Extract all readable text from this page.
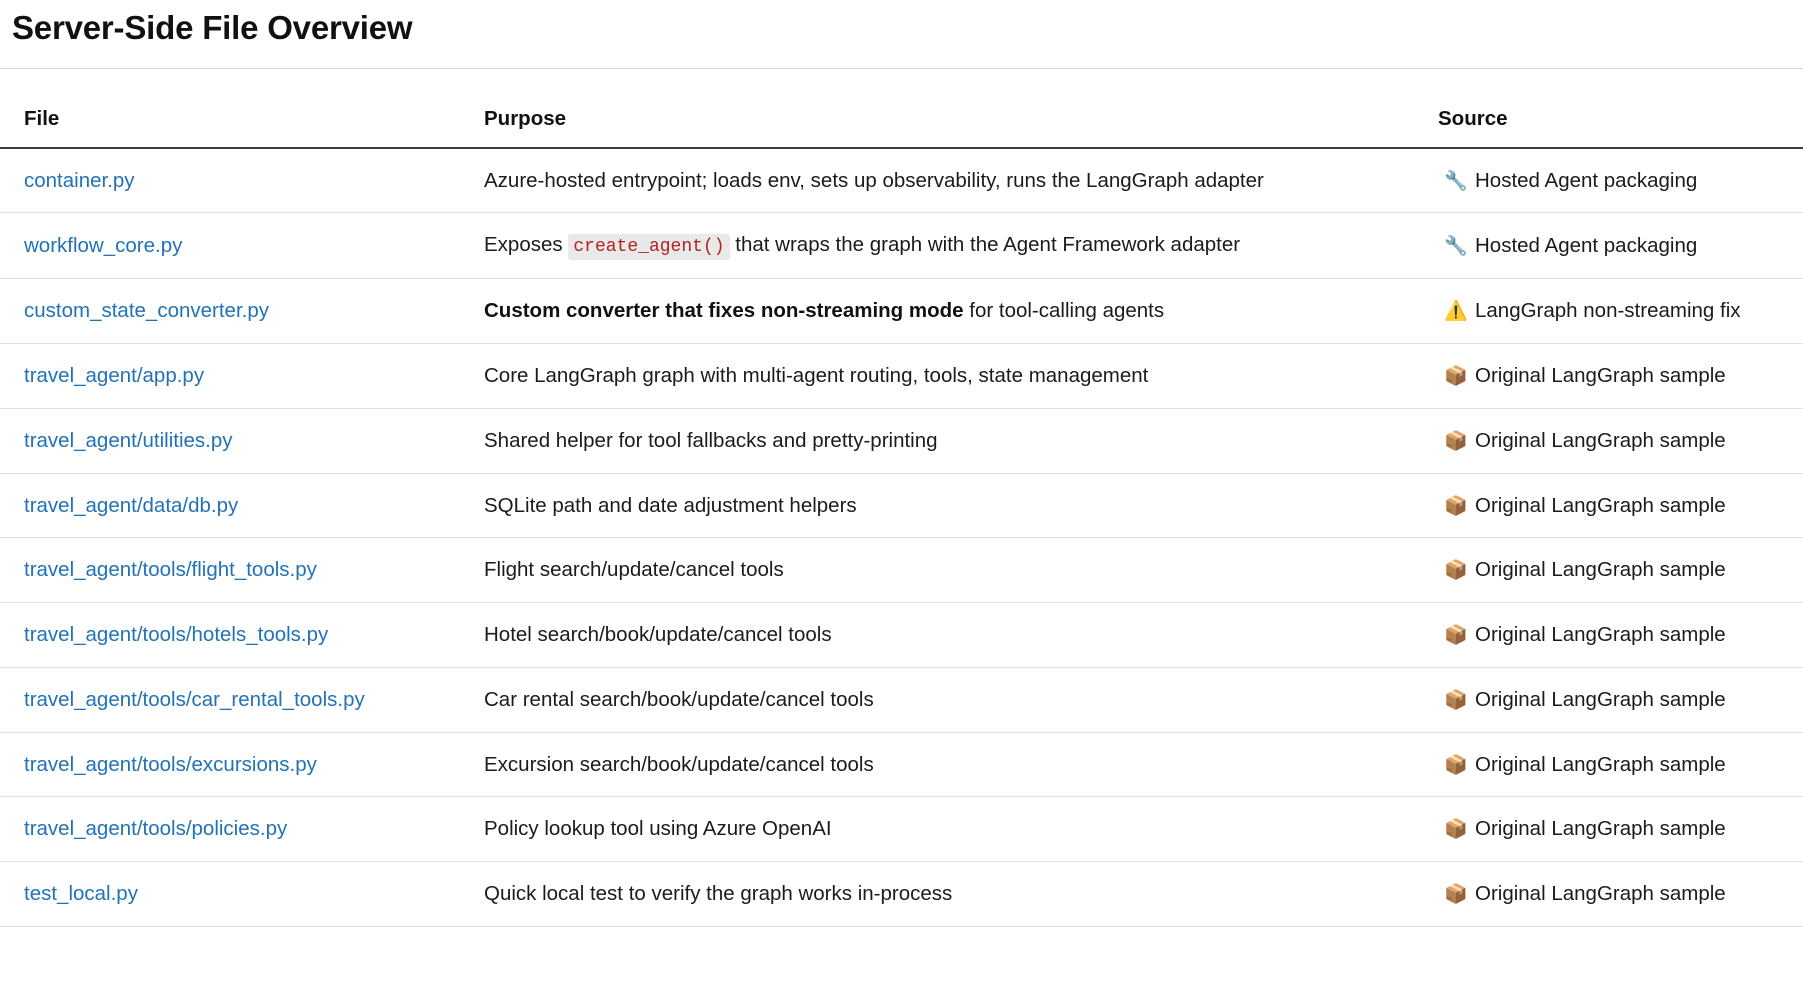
Server-Side File Overview
File	Purpose	Source
container.py	Azure-hosted entrypoint; loads env, sets up observability, runs the LangGraph adapter	🔧 Hosted Agent packaging
workflow_core.py	Exposes create_agent() that wraps the graph with the Agent Framework adapter	🔧 Hosted Agent packaging
custom_state_converter.py	Custom converter that fixes non-streaming mode for tool-calling agents	⚠️ LangGraph non-streaming fix
travel_agent/app.py	Core LangGraph graph with multi-agent routing, tools, state management	📦 Original LangGraph sample
travel_agent/utilities.py	Shared helper for tool fallbacks and pretty-printing	📦 Original LangGraph sample
travel_agent/data/db.py	SQLite path and date adjustment helpers	📦 Original LangGraph sample
travel_agent/tools/flight_tools.py	Flight search/update/cancel tools	📦 Original LangGraph sample
travel_agent/tools/hotels_tools.py	Hotel search/book/update/cancel tools	📦 Original LangGraph sample
travel_agent/tools/car_rental_tools.py	Car rental search/book/update/cancel tools	📦 Original LangGraph sample
travel_agent/tools/excursions.py	Excursion search/book/update/cancel tools	📦 Original LangGraph sample
travel_agent/tools/policies.py	Policy lookup tool using Azure OpenAI	📦 Original LangGraph sample
test_local.py	Quick local test to verify the graph works in-process	📦 Original LangGraph sample
